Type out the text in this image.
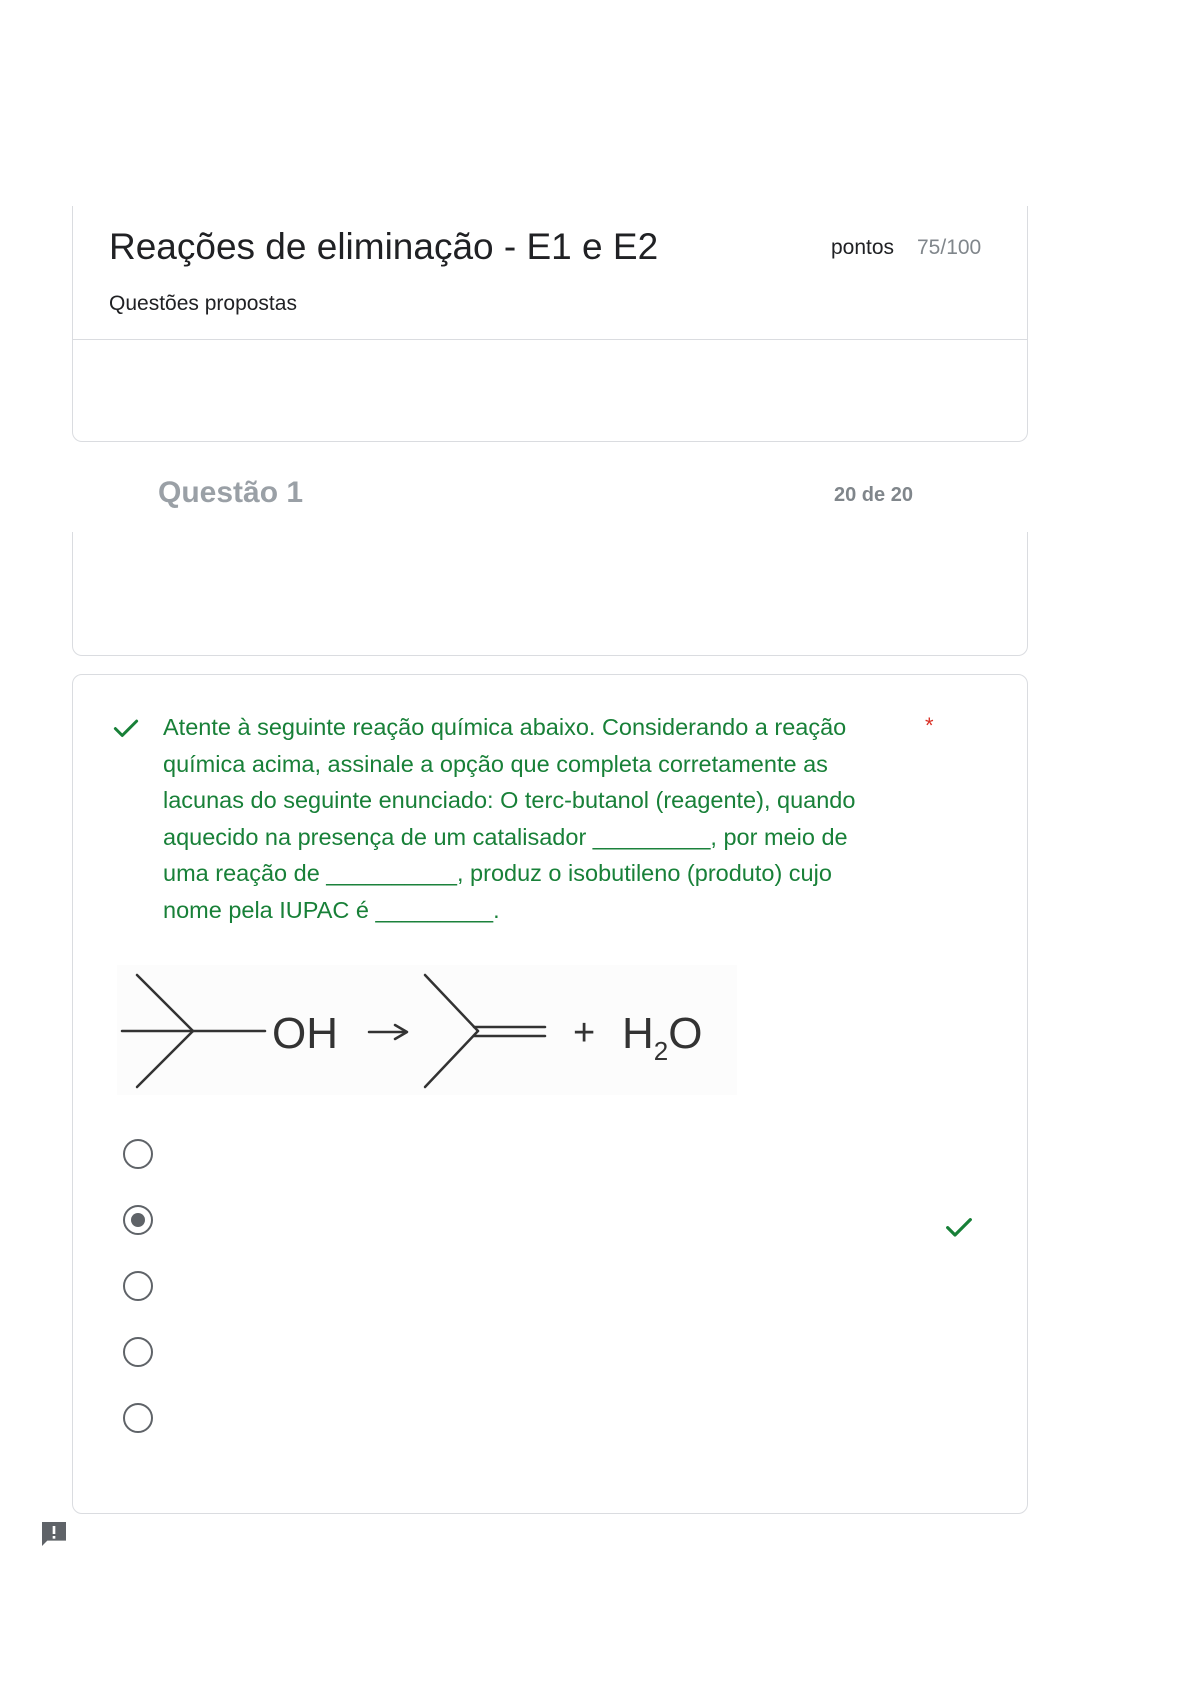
Reações de eliminação - E1 e E2	pontos 75/100
Questões propostas
Questão 1	20 de 20
Atente à seguinte reação química abaixo. Considerando a reação química acima, assinale a opção que completa corretamente as lacunas do seguinte enunciado: O terc-butanol (reagente), quando aquecido na presença de um catalisador _________, por meio de uma reação de __________, produz o isobutileno (produto) cujo nome pela IUPAC é _________.
*
OH	+ $H_2O$
